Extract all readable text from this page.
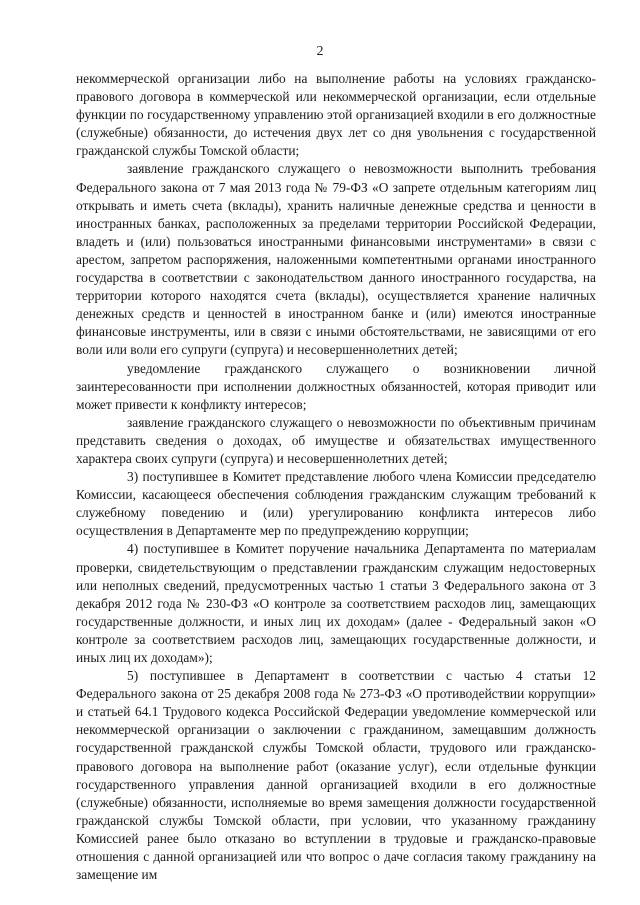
2

некоммерческой организации либо на выполнение работы на условиях гражданско-правового договора в коммерческой или некоммерческой организации, если отдельные функции по государственному управлению этой организацией входили в его должностные (служебные) обязанности, до истечения двух лет со дня увольнения с государственной гражданской службы Томской области;

заявление гражданского служащего о невозможности выполнить требования Федерального закона от 7 мая 2013 года № 79-ФЗ «О запрете отдельным категориям лиц открывать и иметь счета (вклады), хранить наличные денежные средства и ценности в иностранных банках, расположенных за пределами территории Российской Федерации, владеть и (или) пользоваться иностранными финансовыми инструментами» в связи с арестом, запретом распоряжения, наложенными компетентными органами иностранного государства в соответствии с законодательством данного иностранного государства, на территории которого находятся счета (вклады), осуществляется хранение наличных денежных средств и ценностей в иностранном банке и (или) имеются иностранные финансовые инструменты, или в связи с иными обстоятельствами, не зависящими от его воли или воли его супруги (супруга) и несовершеннолетних детей;

уведомление гражданского служащего о возникновении личной заинтересованности при исполнении должностных обязанностей, которая приводит или может привести к конфликту интересов;

заявление гражданского служащего о невозможности по объективным причинам представить сведения о доходах, об имуществе и обязательствах имущественного характера своих супруги (супруга) и несовершеннолетних детей;

3) поступившее в Комитет представление любого члена Комиссии председателю Комиссии, касающееся обеспечения соблюдения гражданским служащим требований к служебному поведению и (или) урегулированию конфликта интересов либо осуществления в Департаменте мер по предупреждению коррупции;

4) поступившее в Комитет поручение начальника Департамента по материалам проверки, свидетельствующим о представлении гражданским служащим недостоверных или неполных сведений, предусмотренных частью 1 статьи 3 Федерального закона от 3 декабря 2012 года № 230-ФЗ «О контроле за соответствием расходов лиц, замещающих государственные должности, и иных лиц их доходам» (далее - Федеральный закон «О контроле за соответствием расходов лиц, замещающих государственные должности, и иных лиц их доходам»);

5) поступившее в Департамент в соответствии с частью 4 статьи 12 Федерального закона от 25 декабря 2008 года № 273-ФЗ «О противодействии коррупции» и статьей 64.1 Трудового кодекса Российской Федерации уведомление коммерческой или некоммерческой организации о заключении с гражданином, замещавшим должность государственной гражданской службы Томской области, трудового или гражданско-правового договора на выполнение работ (оказание услуг), если отдельные функции государственного управления данной организацией входили в его должностные (служебные) обязанности, исполняемые во время замещения должности государственной гражданской службы Томской области, при условии, что указанному гражданину Комиссией ранее было отказано во вступлении в трудовые и гражданско-правовые отношения с данной организацией или что вопрос о даче согласия такому гражданину на замещение им
